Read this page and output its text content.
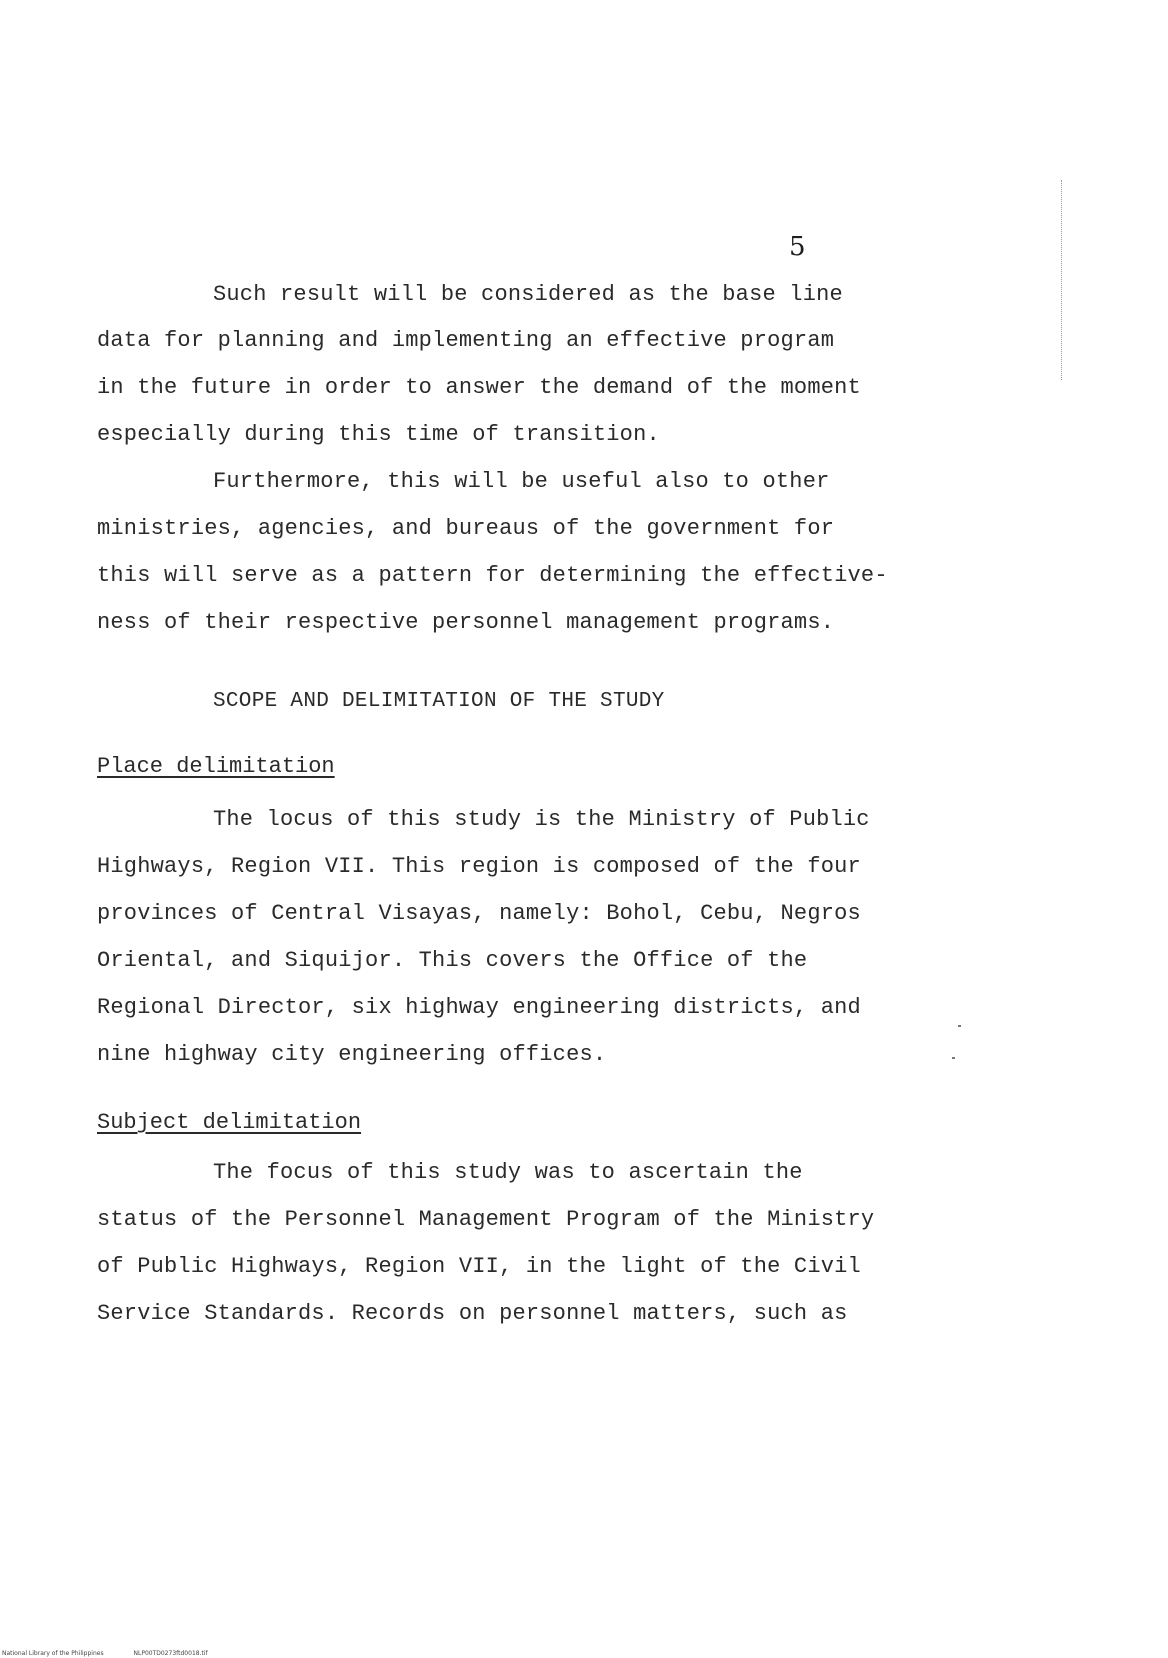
5
Such result will be considered as the base line
data for planning and implementing an effective program
in the future in order to answer the demand of the moment
especially during this time of transition.
Furthermore, this will be useful also to other
ministries, agencies, and bureaus of the government for
this will serve as a pattern for determining the effective-
ness of their respective personnel management programs.
SCOPE AND DELIMITATION OF THE STUDY
Place delimitation
The locus of this study is the Ministry of Public
Highways, Region VII. This region is composed of the four
provinces of Central Visayas, namely: Bohol, Cebu, Negros
Oriental, and Siquijor. This covers the Office of the
Regional Director, six highway engineering districts, and
nine highway city engineering offices.
Subject delimitation
The focus of this study was to ascertain the
status of the Personnel Management Program of the Ministry
of Public Highways, Region VII, in the light of the Civil
Service Standards. Records on personnel matters, such as
National Library of the Philippines	NLP00TD0273ftd0018.tif
